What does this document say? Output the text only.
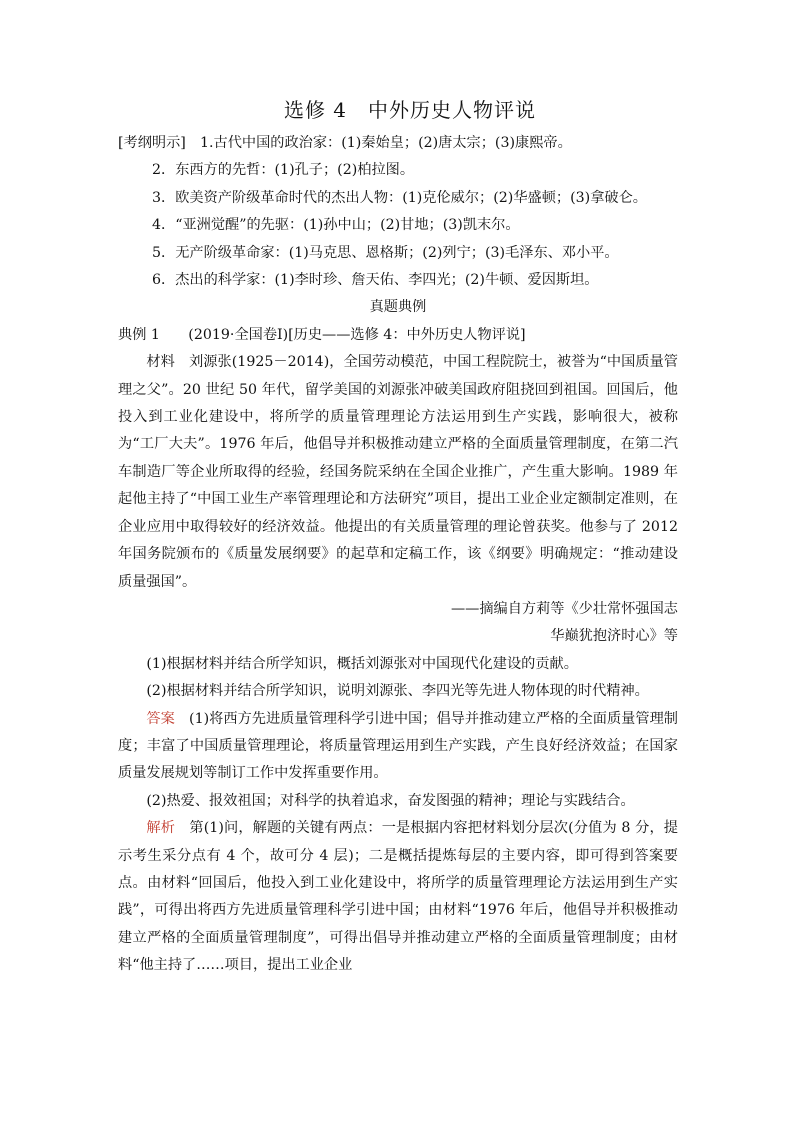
选修 4　中外历史人物评说

[考纲明示]　1.古代中国的政治家：(1)秦始皇；(2)唐太宗；(3)康熙帝。

2．东西方的先哲：(1)孔子；(2)柏拉图。

3．欧美资产阶级革命时代的杰出人物：(1)克伦威尔；(2)华盛顿；(3)拿破仑。

4．“亚洲觉醒”的先驱：(1)孙中山；(2)甘地；(3)凯末尔。

5．无产阶级革命家：(1)马克思、恩格斯；(2)列宁；(3)毛泽东、邓小平。

6．杰出的科学家：(1)李时珍、詹天佑、李四光；(2)牛顿、爱因斯坦。

真题典例

典例 1　　(2019·全国卷Ⅰ)[历史——选修 4：中外历史人物评说]

材料　刘源张(1925－2014)，全国劳动模范，中国工程院院士，被誉为“中国质量管理之父”。20 世纪 50 年代，留学美国的刘源张冲破美国政府阻挠回到祖国。回国后，他投入到工业化建设中，将所学的质量管理理论方法运用到生产实践，影响很大，被称为“工厂大夫”。1976 年后，他倡导并积极推动建立严格的全面质量管理制度，在第二汽车制造厂等企业所取得的经验，经国务院采纳在全国企业推广，产生重大影响。1989 年起他主持了“中国工业生产率管理理论和方法研究”项目，提出工业企业定额制定准则，在企业应用中取得较好的经济效益。他提出的有关质量管理的理论曾获奖。他参与了 2012 年国务院颁布的《质量发展纲要》的起草和定稿工作，该《纲要》明确规定：“推动建设质量强国”。

——摘编自方莉等《少壮常怀强国志

华巅犹抱济时心》等

(1)根据材料并结合所学知识，概括刘源张对中国现代化建设的贡献。

(2)根据材料并结合所学知识，说明刘源张、李四光等先进人物体现的时代精神。

答案　 (1)将西方先进质量管理科学引进中国；倡导并推动建立严格的全面质量管理制度；丰富了中国质量管理理论，将质量管理运用到生产实践，产生良好经济效益；在国家质量发展规划等制订工作中发挥重要作用。

(2)热爱、报效祖国；对科学的执着追求，奋发图强的精神；理论与实践结合。

解析　 第(1)问，解题的关键有两点：一是根据内容把材料划分层次(分值为 8 分，提示考生采分点有 4 个，故可分 4 层)；二是概括提炼每层的主要内容，即可得到答案要点。由材料“回国后，他投入到工业化建设中，将所学的质量管理理论方法运用到生产实践”，可得出将西方先进质量管理科学引进中国；由材料“1976 年后，他倡导并积极推动建立严格的全面质量管理制度”，可得出倡导并推动建立严格的全面质量管理制度；由材料“他主持了……项目，提出工业企业
